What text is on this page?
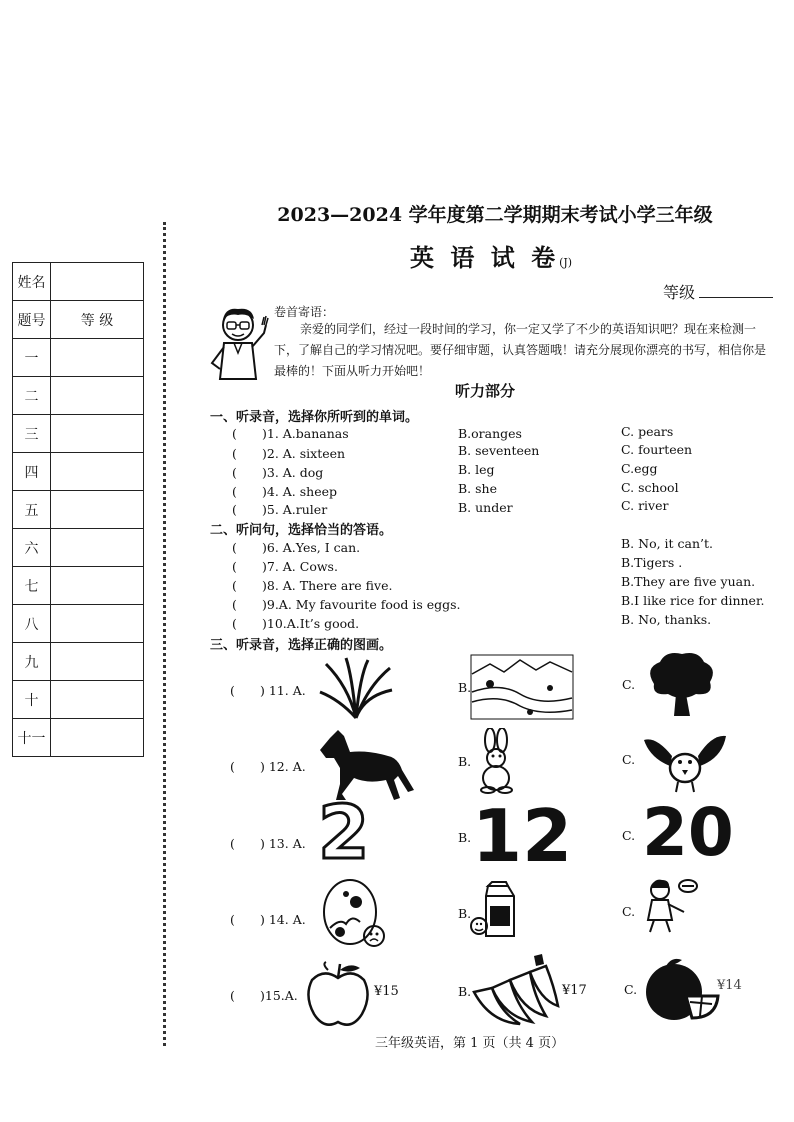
姓名	
题号	等 级
一	
二	
三	
四	
五	
六	
七	
八	
九	
十	
十一	
2023—2024 学年度第二学期期末考试小学三年级
英 语 试 卷(J)
等级
卷首寄语：
亲爱的同学们，经过一段时间的学习，你一定又学了不少的英语知识吧？现在来检测一下，了解自己的学习情况吧。要仔细审题，认真答题哦！请充分展现你漂亮的书写，相信你是最棒的！下面从听力开始吧！
听力部分
一、听录音，选择你所听到的单词。
( )1. A.bananas	B.oranges	C. pears
( )2. A. sixteen	B. seventeen	C. fourteen
( )3. A. dog	B. leg	C.egg
( )4. A. sheep	B. she	C. school
( )5. A.ruler	B. under	C. river
二、听问句，选择恰当的答语。
( )6. A.Yes, I can.	B. No, it can’t.
( )7. A. Cows.	B.Tigers .
( )8. A. There are five.	B.They are five yuan.
( )9.A. My favourite food is eggs.	B.I like rice for dinner.
( )10.A.It’s good.	B. No, thanks.
三、听录音，选择正确的图画。
( ) 11. A.	B.	C.
( ) 12. A.	B.	C.
( ) 13. A. 2	B. 12	C. 20
( ) 14. A.	B.	C.
( )15.A.	¥15	B.	¥17	C.	¥14
三年级英语，第 1 页（共 4 页）
